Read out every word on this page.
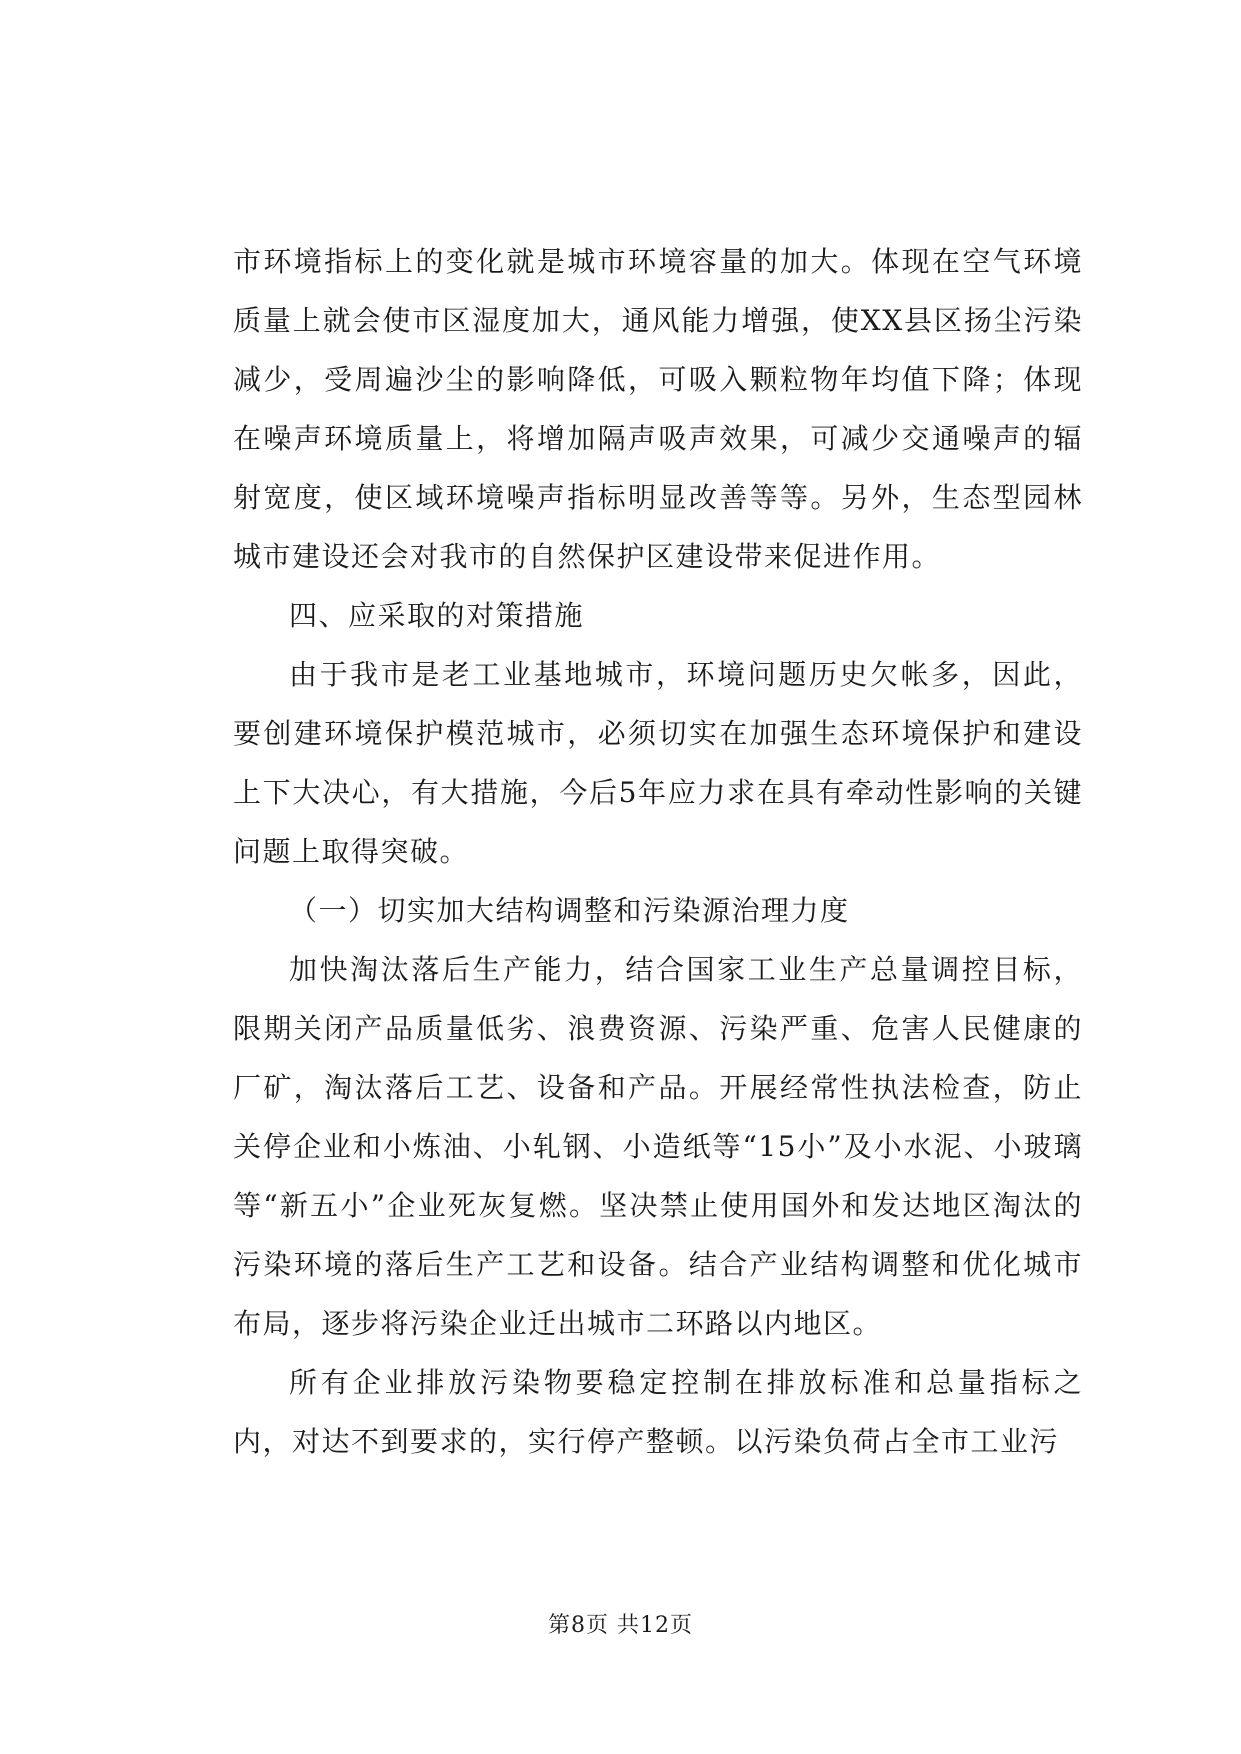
市环境指标上的变化就是城市环境容量的加大。体现在空气环境质量上就会使市区湿度加大，通风能力增强，使XX县区扬尘污染减少，受周遍沙尘的影响降低，可吸入颗粒物年均值下降；体现在噪声环境质量上，将增加隔声吸声效果，可减少交通噪声的辐射宽度，使区域环境噪声指标明显改善等等。另外，生态型园林城市建设还会对我市的自然保护区建设带来促进作用。

四、应采取的对策措施

由于我市是老工业基地城市，环境问题历史欠帐多，因此，要创建环境保护模范城市，必须切实在加强生态环境保护和建设上下大决心，有大措施，今后5年应力求在具有牵动性影响的关键问题上取得突破。

（一）切实加大结构调整和污染源治理力度

加快淘汰落后生产能力，结合国家工业生产总量调控目标，限期关闭产品质量低劣、浪费资源、污染严重、危害人民健康的厂矿，淘汰落后工艺、设备和产品。开展经常性执法检查，防止关停企业和小炼油、小轧钢、小造纸等“15小”及小水泥、小玻璃等“新五小”企业死灰复燃。坚决禁止使用国外和发达地区淘汰的污染环境的落后生产工艺和设备。结合产业结构调整和优化城市布局，逐步将污染企业迁出城市二环路以内地区。

所有企业排放污染物要稳定控制在排放标准和总量指标之内，对达不到要求的，实行停产整顿。以污染负荷占全市工业污

第8页 共12页
